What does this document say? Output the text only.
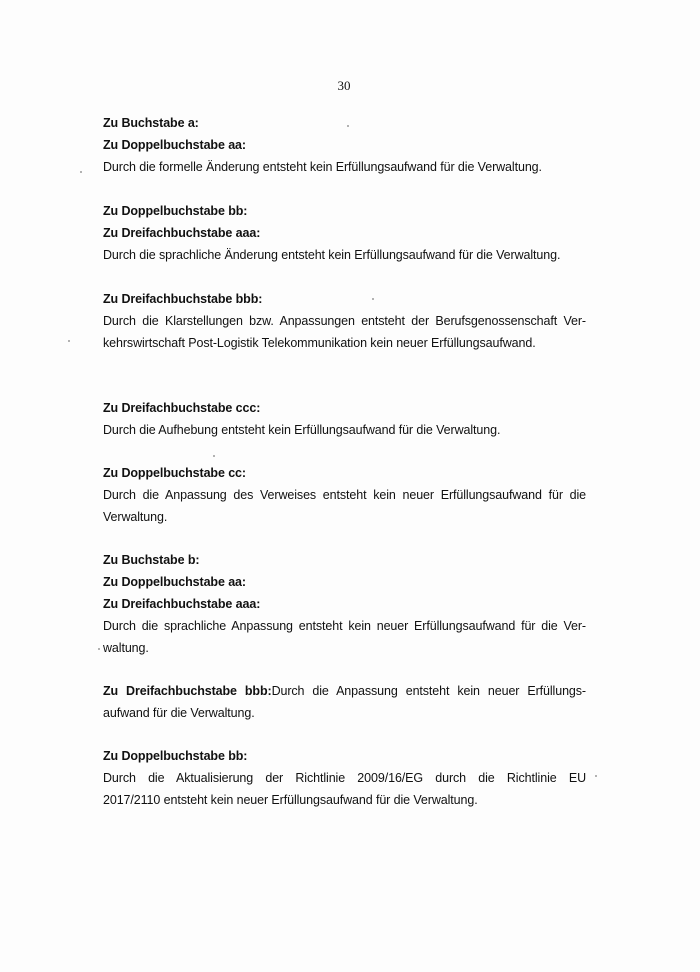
30
Zu Buchstabe a:
Zu Doppelbuchstabe aa:
Durch die formelle Änderung entsteht kein Erfüllungsaufwand für die Verwaltung.
Zu Doppelbuchstabe bb:
Zu Dreifachbuchstabe aaa:
Durch die sprachliche Änderung entsteht kein Erfüllungsaufwand für die Verwaltung.
Zu Dreifachbuchstabe bbb:
Durch die Klarstellungen bzw. Anpassungen entsteht der Berufsgenossenschaft Ver-
kehrswirtschaft Post-Logistik Telekommunikation kein neuer Erfüllungsaufwand.
Zu Dreifachbuchstabe ccc:
Durch die Aufhebung entsteht kein Erfüllungsaufwand für die Verwaltung.
Zu Doppelbuchstabe cc:
Durch die Anpassung des Verweises entsteht kein neuer Erfüllungsaufwand für die
Verwaltung.
Zu Buchstabe b:
Zu Doppelbuchstabe aa:
Zu Dreifachbuchstabe aaa:
Durch die sprachliche Anpassung entsteht kein neuer Erfüllungsaufwand für die Ver-
waltung.
Zu Dreifachbuchstabe bbb:Durch die Anpassung entsteht kein neuer Erfüllungs-
aufwand für die Verwaltung.
Zu Doppelbuchstabe bb:
Durch die Aktualisierung der Richtlinie 2009/16/EG durch die Richtlinie EU
2017/2110 entsteht kein neuer Erfüllungsaufwand für die Verwaltung.
